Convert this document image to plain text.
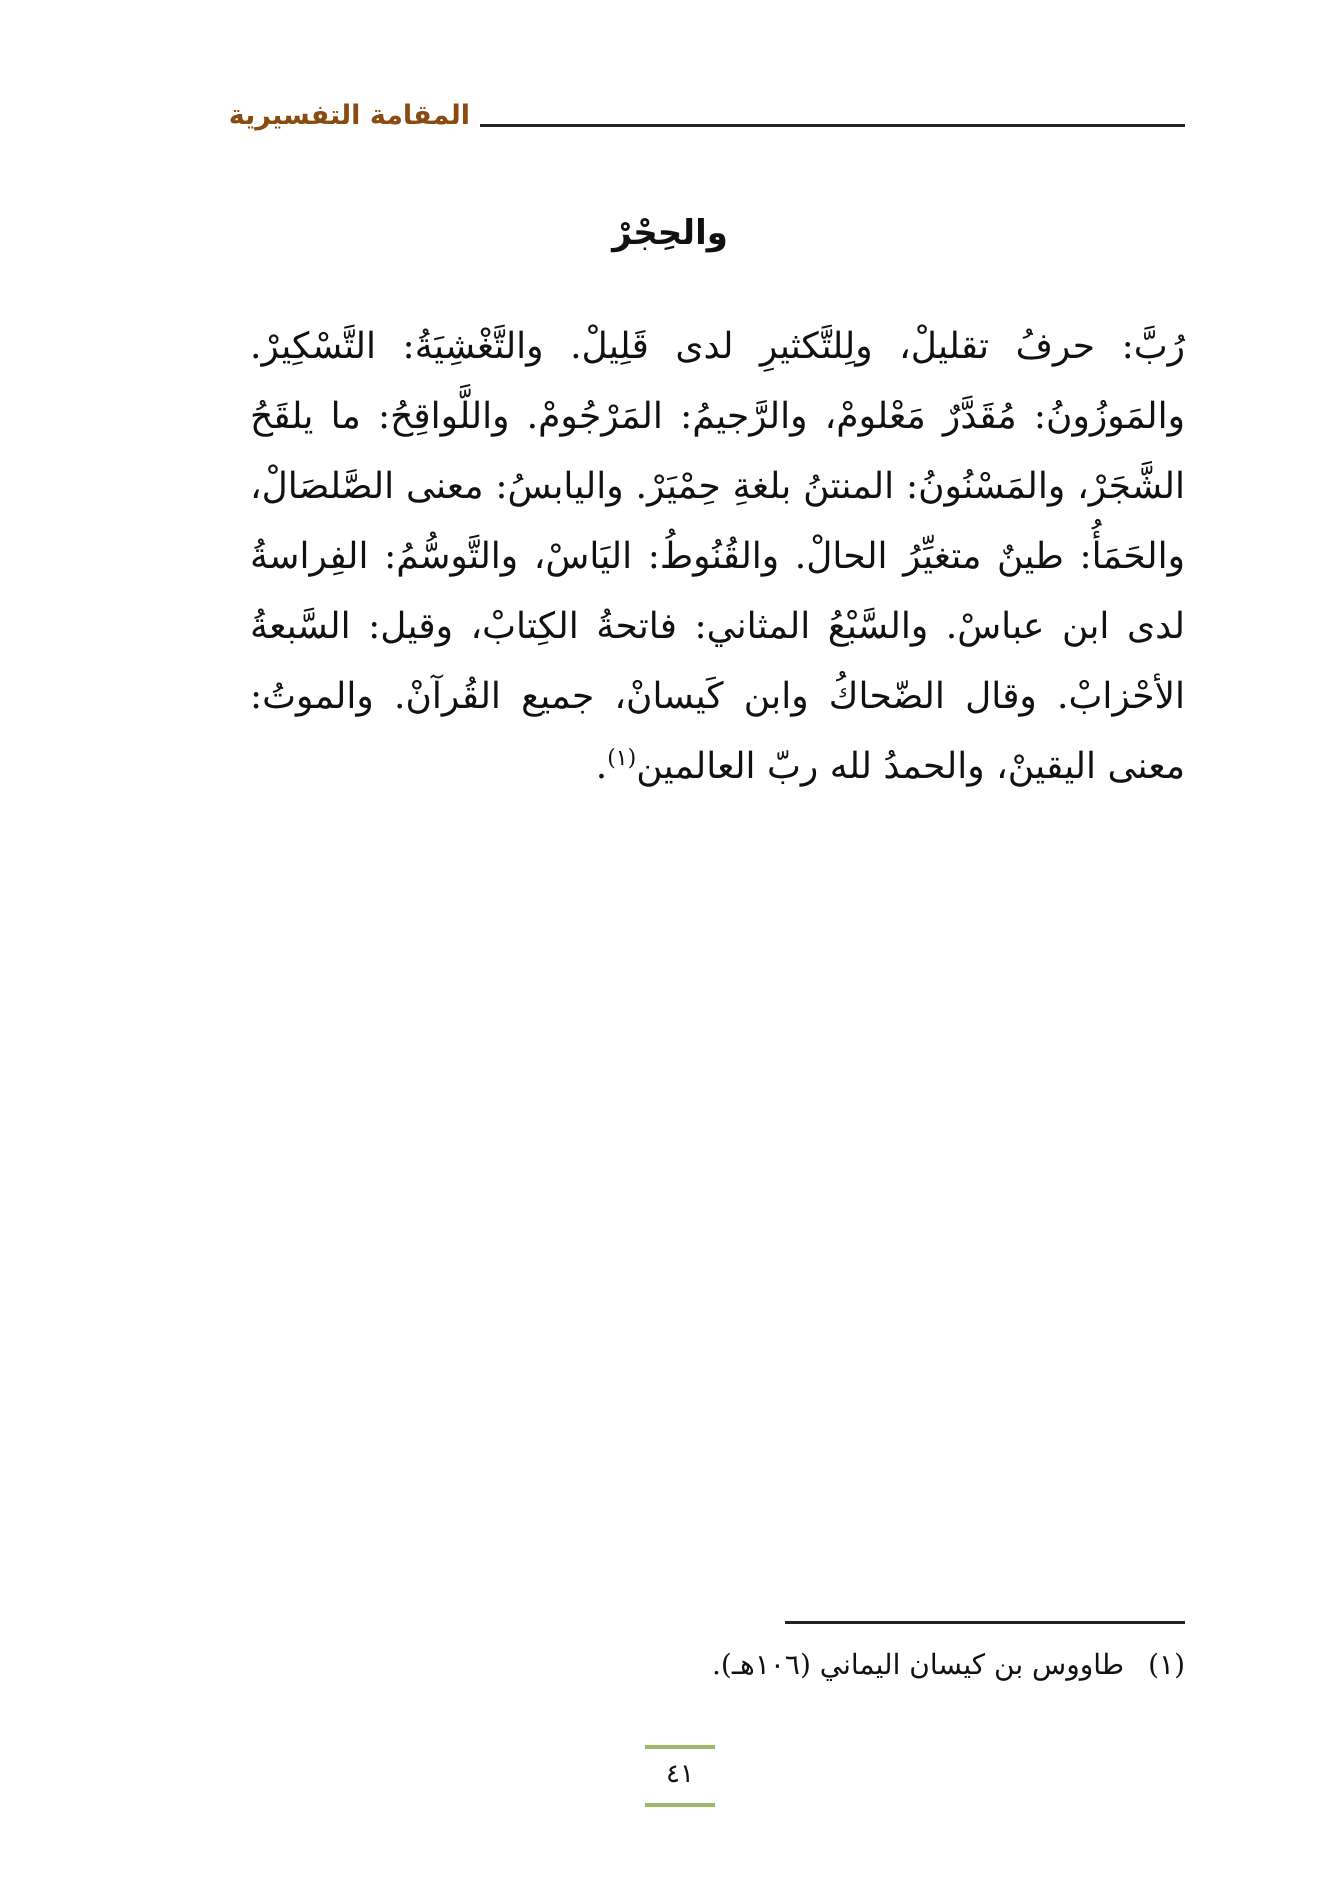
المقامة التفسيرية
والحِجْرْ
رُبَّ: حرفُ تقليلْ، ولِلتَّكثيرِ لدى قَلِيلْ. والتَّغْشِيَةُ: التَّسْكِيرْ. والمَوزُونُ: مُقَدَّرٌ مَعْلومْ، والرَّجيمُ: المَرْجُومْ. واللَّواقِحُ: ما يلقَحُ الشَّجَرْ، والمَسْنُونُ: المنتنُ بلغةِ حِمْيَرْ. واليابسُ: معنى الصَّلصَالْ، والحَمَأُ: طينٌ متغيِّرُ الحالْ. والقُنُوطُ: اليَاسْ، والتَّوسُّمُ: الفِراسةُ لدى ابن عباسْ. والسَّبْعُ المثاني: فاتحةُ الكِتابْ، وقيل: السَّبعةُ الأحْزابْ. وقال الضّحاكُ وابن كَيسانْ، جميع القُرآنْ. والموتُ: معنى اليقينْ، والحمدُ لله ربّ العالمين$^{(١)}$.
(١)طاووس بن كيسان اليماني (١٠٦هـ).
٤١
